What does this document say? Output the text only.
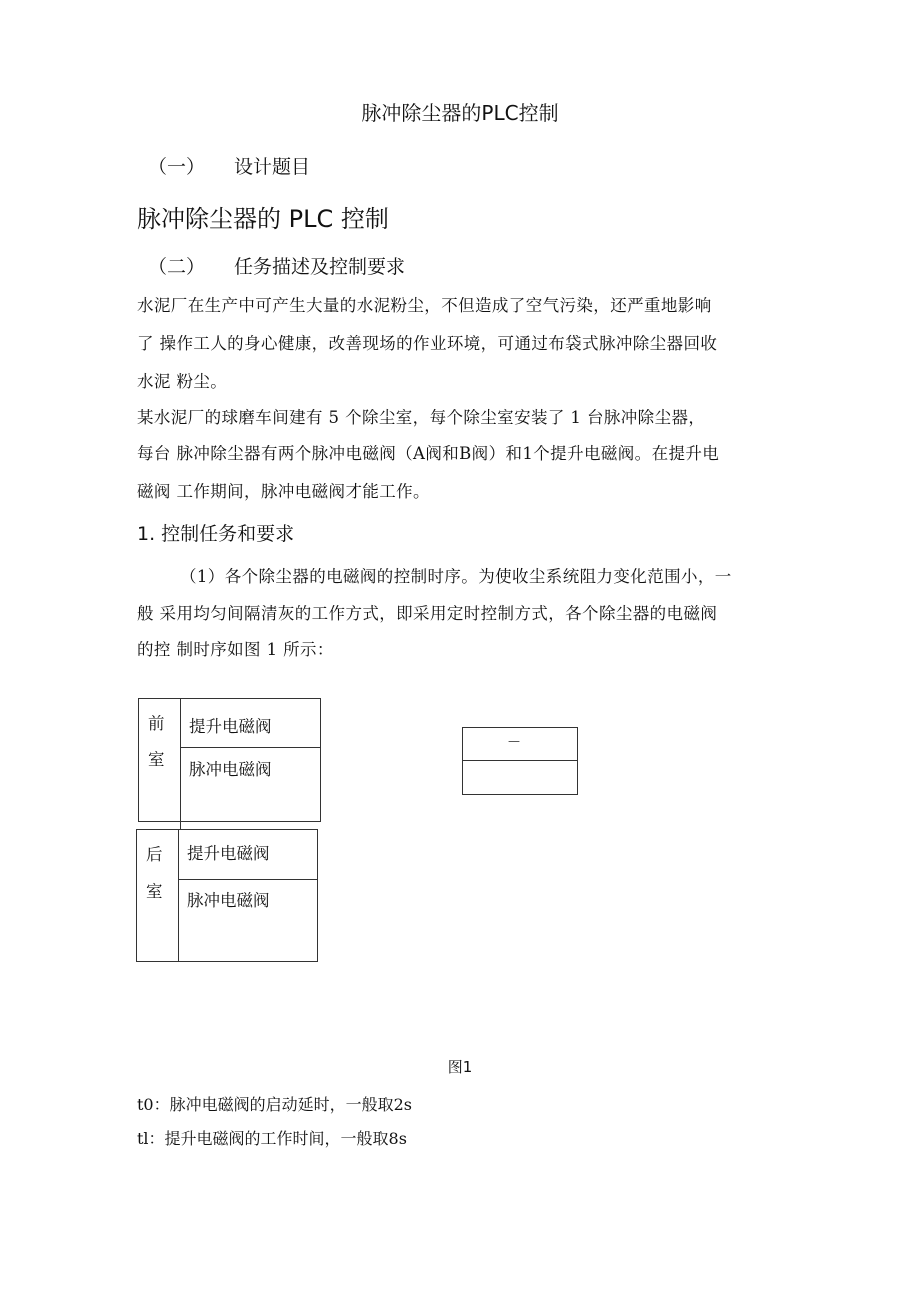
脉冲除尘器的PLC控制
（一） 设计题目
脉冲除尘器的 PLC 控制
（二） 任务描述及控制要求
水泥厂在生产中可产生大量的水泥粉尘，不但造成了空气污染，还严重地影响
了 操作工人的身心健康，改善现场的作业环境，可通过布袋式脉冲除尘器回收
水泥 粉尘。
某水泥厂的球磨车间建有 5 个除尘室，每个除尘室安装了 1 台脉冲除尘器，
每台 脉冲除尘器有两个脉冲电磁阀（A阀和B阀）和1个提升电磁阀。在提升电
磁阀 工作期间，脉冲电磁阀才能工作。
1. 控制任务和要求
（1）各个除尘器的电磁阀的控制时序。为使收尘系统阻力变化范围小，一
般 采用均匀间隔清灰的工作方式，即采用定时控制方式，各个除尘器的电磁阀
的控 制时序如图 1 所示：
前
室
提升电磁阀
脉冲电磁阀
后
室
提升电磁阀
脉冲电磁阀
—
图1
t0：脉冲电磁阀的启动延时，一般取2s
tl：提升电磁阀的工作时间，一般取8s
